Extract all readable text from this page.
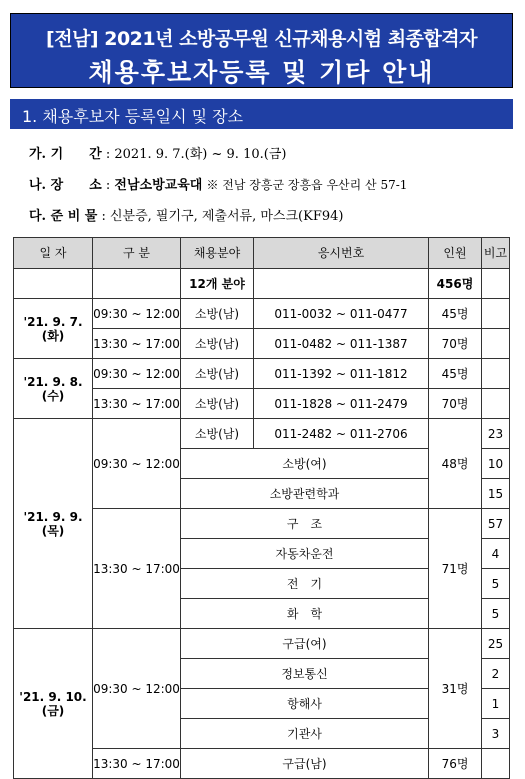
[전남] 2021년 소방공무원 신규채용시험 최종합격자
채용후보자등록 및 기타 안내
1. 채용후보자 등록일시 및 장소
가. 기　　간 : 2021. 9. 7.(화) ~ 9. 10.(금)
나. 장　　소 : 전남소방교육대 ※ 전남 장흥군 장흥읍 우산리 산 57-1
다. 준 비 물 : 신분증, 필기구, 제출서류, 마스크(KF94)
일 자	구 분	채용분야	응시번호	인원	비고
		12개 분야		456명	
'21. 9. 7.(화)	09:30 ~ 12:00	소방(남)	011-0032 ~ 011-0477	45명	
	13:30 ~ 17:00	소방(남)	011-0482 ~ 011-1387	70명	
'21. 9. 8.(수)	09:30 ~ 12:00	소방(남)	011-1392 ~ 011-1812	45명	
	13:30 ~ 17:00	소방(남)	011-1828 ~ 011-2479	70명	
'21. 9. 9.(목)	09:30 ~ 12:00	소방(남)	011-2482 ~ 011-2706	48명	23
		소방(여)			10
		소방관련학과			15
	13:30 ~ 17:00	구　조		71명	57
		자동차운전			4
		전　기			5
		화　학			5
'21. 9. 10.(금)	09:30 ~ 12:00	구급(여)		31명	25
		정보통신			2
		항해사			1
		기관사			3
	13:30 ~ 17:00	구급(남)		76명	
